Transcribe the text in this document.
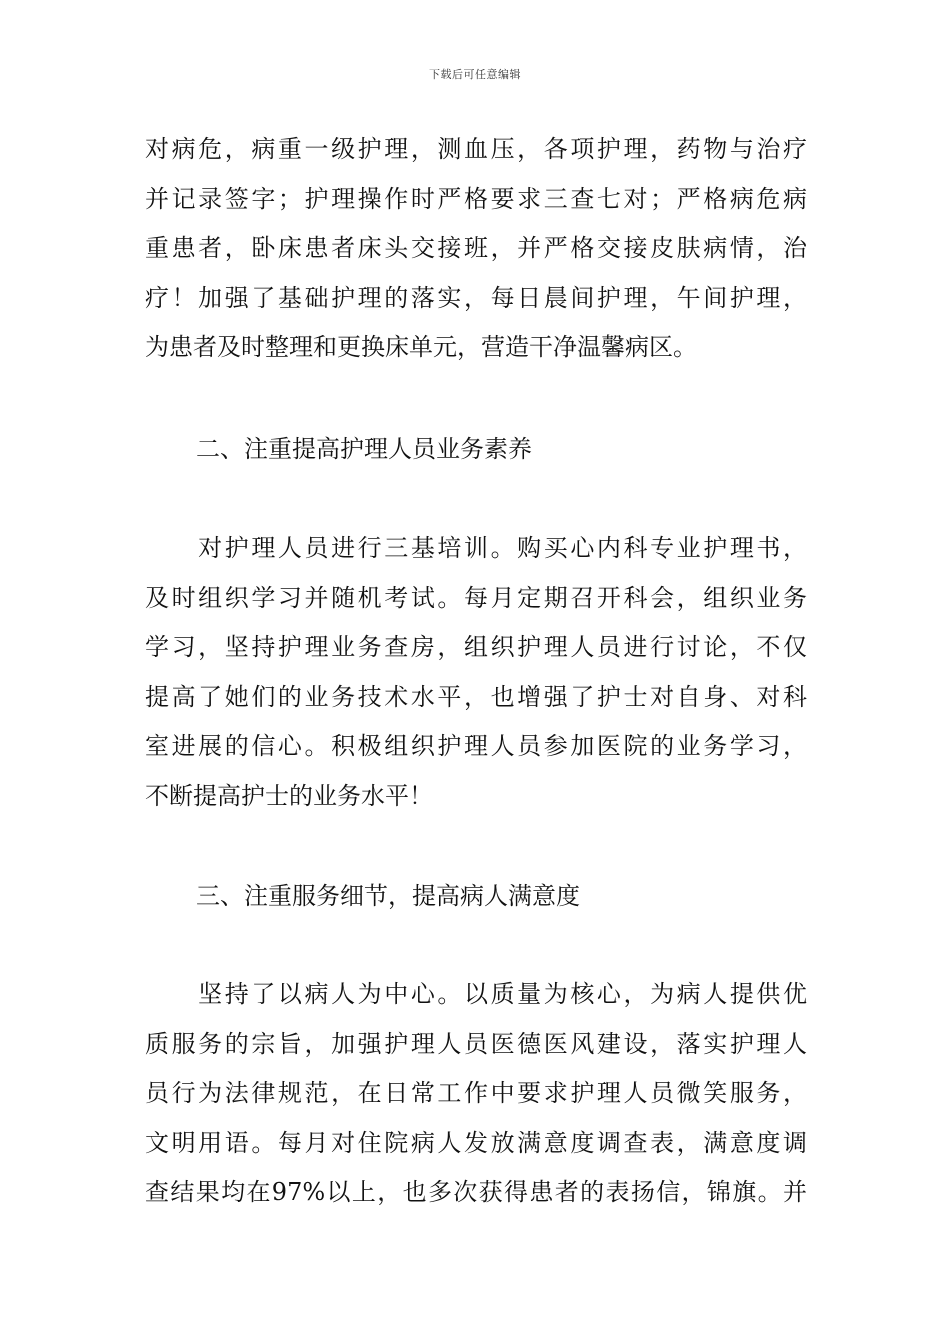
下载后可任意编辑
对病危，病重一级护理，测血压，各项护理，药物与治疗
并记录签字；护理操作时严格要求三查七对；严格病危病
重患者，卧床患者床头交接班，并严格交接皮肤病情，治
疗！加强了基础护理的落实，每日晨间护理，午间护理，
为患者及时整理和更换床单元，营造干净温馨病区。
二、注重提高护理人员业务素养
　　对护理人员进行三基培训。购买心内科专业护理书，
及时组织学习并随机考试。每月定期召开科会，组织业务
学习，坚持护理业务查房，组织护理人员进行讨论，不仅
提高了她们的业务技术水平，也增强了护士对自身、对科
室进展的信心。积极组织护理人员参加医院的业务学习，
不断提高护士的业务水平！
三、注重服务细节，提高病人满意度
　　坚持了以病人为中心。以质量为核心，为病人提供优
质服务的宗旨，加强护理人员医德医风建设，落实护理人
员行为法律规范，在日常工作中要求护理人员微笑服务，
文明用语。每月对住院病人发放满意度调查表，满意度调
查结果均在97%以上，也多次获得患者的表扬信，锦旗。并
